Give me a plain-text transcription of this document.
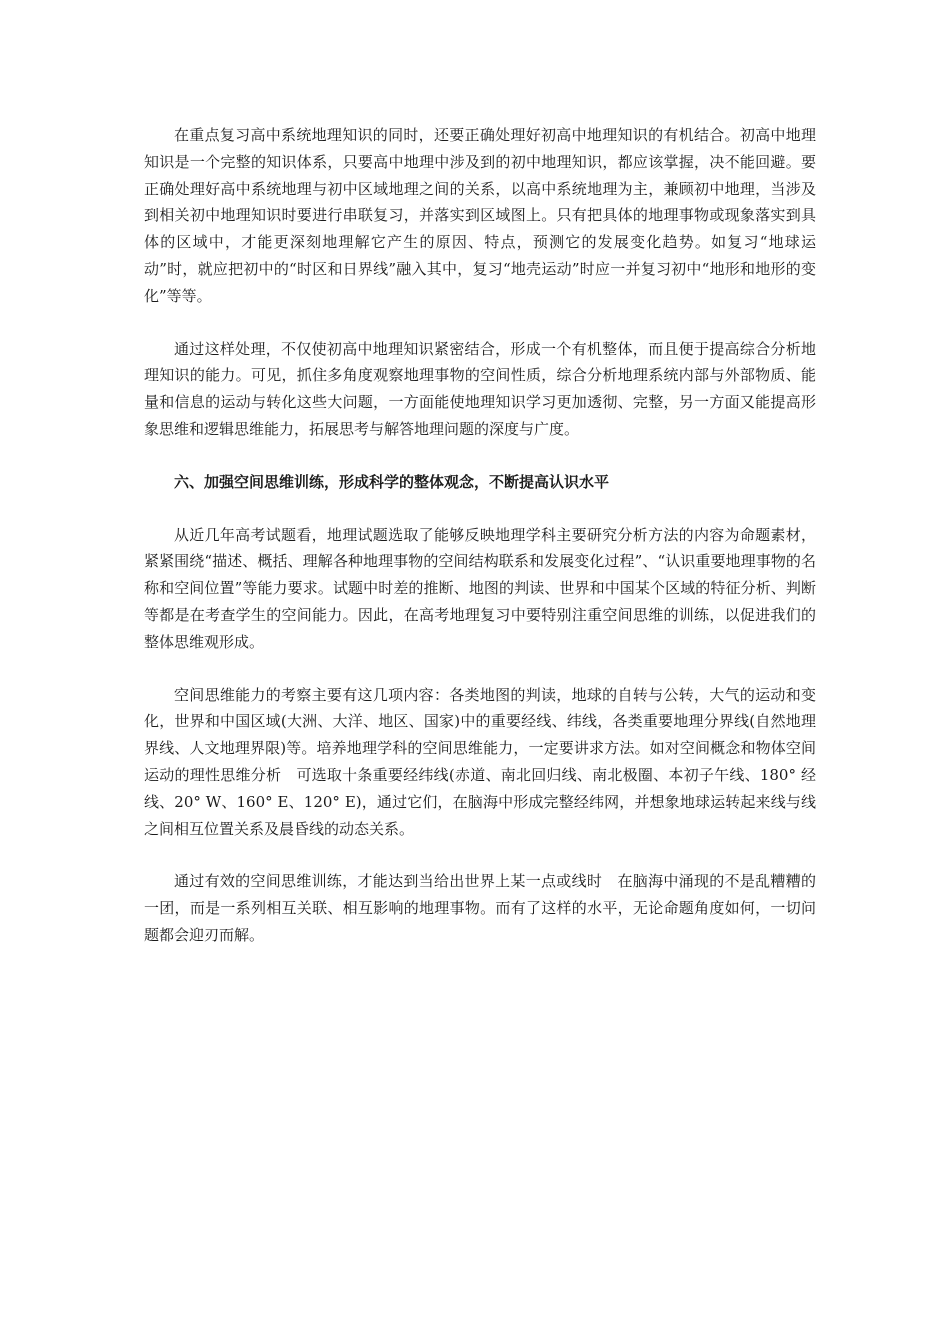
在重点复习高中系统地理知识的同时，还要正确处理好初高中地理知识的有机结合。初高中地理知识是一个完整的知识体系，只要高中地理中涉及到的初中地理知识，都应该掌握，决不能回避。要正确处理好高中系统地理与初中区域地理之间的关系，以高中系统地理为主，兼顾初中地理，当涉及到相关初中地理知识时要进行串联复习，并落实到区域图上。只有把具体的地理事物或现象落实到具体的区域中，才能更深刻地理解它产生的原因、特点，预测它的发展变化趋势。如复习“地球运动”时，就应把初中的“时区和日界线”融入其中，复习“地壳运动”时应一并复习初中“地形和地形的变化”等等。

通过这样处理，不仅使初高中地理知识紧密结合，形成一个有机整体，而且便于提高综合分析地理知识的能力。可见，抓住多角度观察地理事物的空间性质，综合分析地理系统内部与外部物质、能量和信息的运动与转化这些大问题，一方面能使地理知识学习更加透彻、完整，另一方面又能提高形象思维和逻辑思维能力，拓展思考与解答地理问题的深度与广度。

六、加强空间思维训练，形成科学的整体观念，不断提高认识水平

从近几年高考试题看，地理试题选取了能够反映地理学科主要研究分析方法的内容为命题素材，紧紧围绕“描述、概括、理解各种地理事物的空间结构联系和发展变化过程”、“认识重要地理事物的名称和空间位置”等能力要求。试题中时差的推断、地图的判读、世界和中国某个区域的特征分析、判断等都是在考查学生的空间能力。因此，在高考地理复习中要特别注重空间思维的训练，以促进我们的整体思维观形成。

空间思维能力的考察主要有这几项内容：各类地图的判读，地球的自转与公转，大气的运动和变化，世界和中国区域(大洲、大洋、地区、国家)中的重要经线、纬线，各类重要地理分界线(自然地理界线、人文地理界限)等。培养地理学科的空间思维能力，一定要讲求方法。如对空间概念和物体空间运动的理性思维分析　可选取十条重要经纬线(赤道、南北回归线、南北极圈、本初子午线、180° 经线、20° W、160° E、120° E)，通过它们，在脑海中形成完整经纬网，并想象地球运转起来线与线之间相互位置关系及晨昏线的动态关系。

通过有效的空间思维训练，才能达到当给出世界上某一点或线时　在脑海中涌现的不是乱糟糟的一团，而是一系列相互关联、相互影响的地理事物。而有了这样的水平，无论命题角度如何，一切问题都会迎刃而解。
